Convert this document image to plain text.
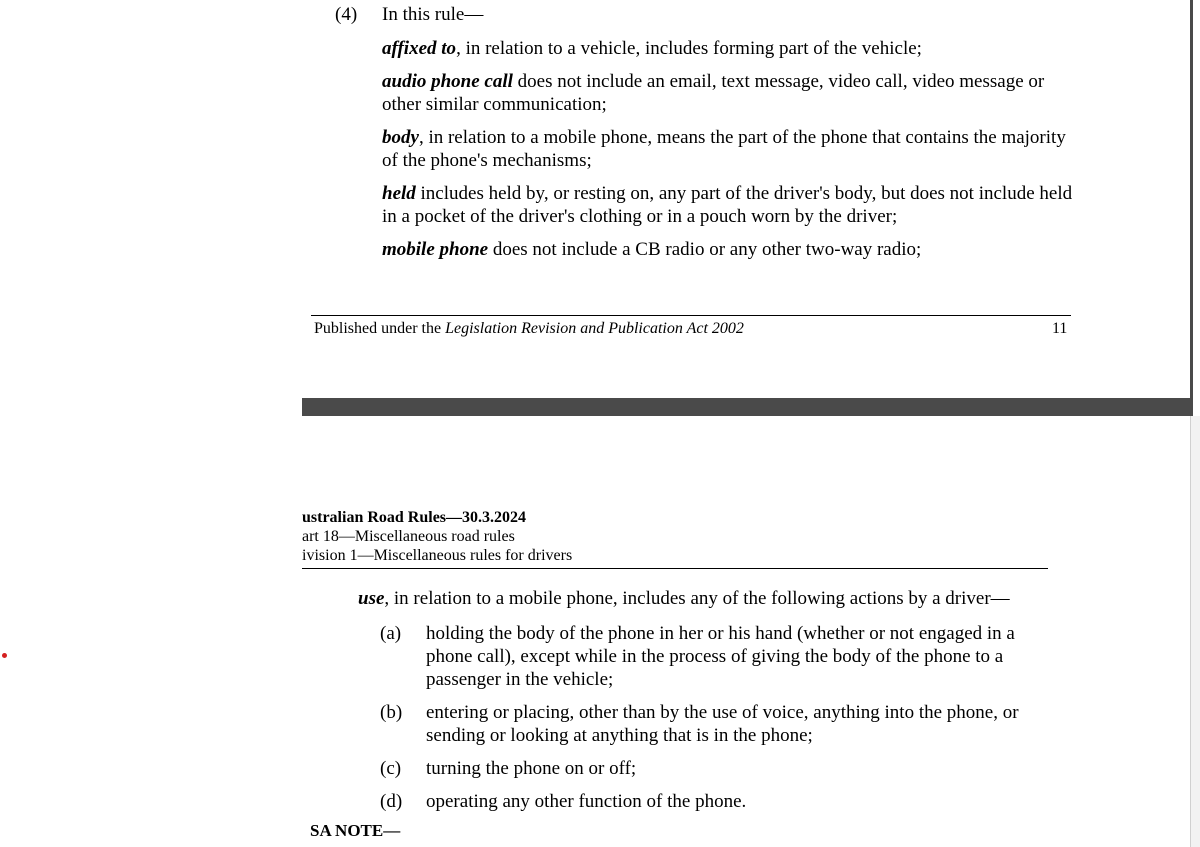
(4) In this rule—

affixed to, in relation to a vehicle, includes forming part of the vehicle;

audio phone call does not include an email, text message, video call, video message or other similar communication;

body, in relation to a mobile phone, means the part of the phone that contains the majority of the phone's mechanisms;

held includes held by, or resting on, any part of the driver's body, but does not include held in a pocket of the driver's clothing or in a pouch worn by the driver;

mobile phone does not include a CB radio or any other two-way radio;

Published under the Legislation Revision and Publication Act 2002	11
ustralian Road Rules—30.3.2024
art 18—Miscellaneous road rules
ivision 1—Miscellaneous rules for drivers
use, in relation to a mobile phone, includes any of the following actions by a driver—
(a)	holding the body of the phone in her or his hand (whether or not engaged in a phone call), except while in the process of giving the body of the phone to a passenger in the vehicle;
(b)	entering or placing, other than by the use of voice, anything into the phone, or sending or looking at anything that is in the phone;
(c)	turning the phone on or off;
(d)	operating any other function of the phone.
SA NOTE—
